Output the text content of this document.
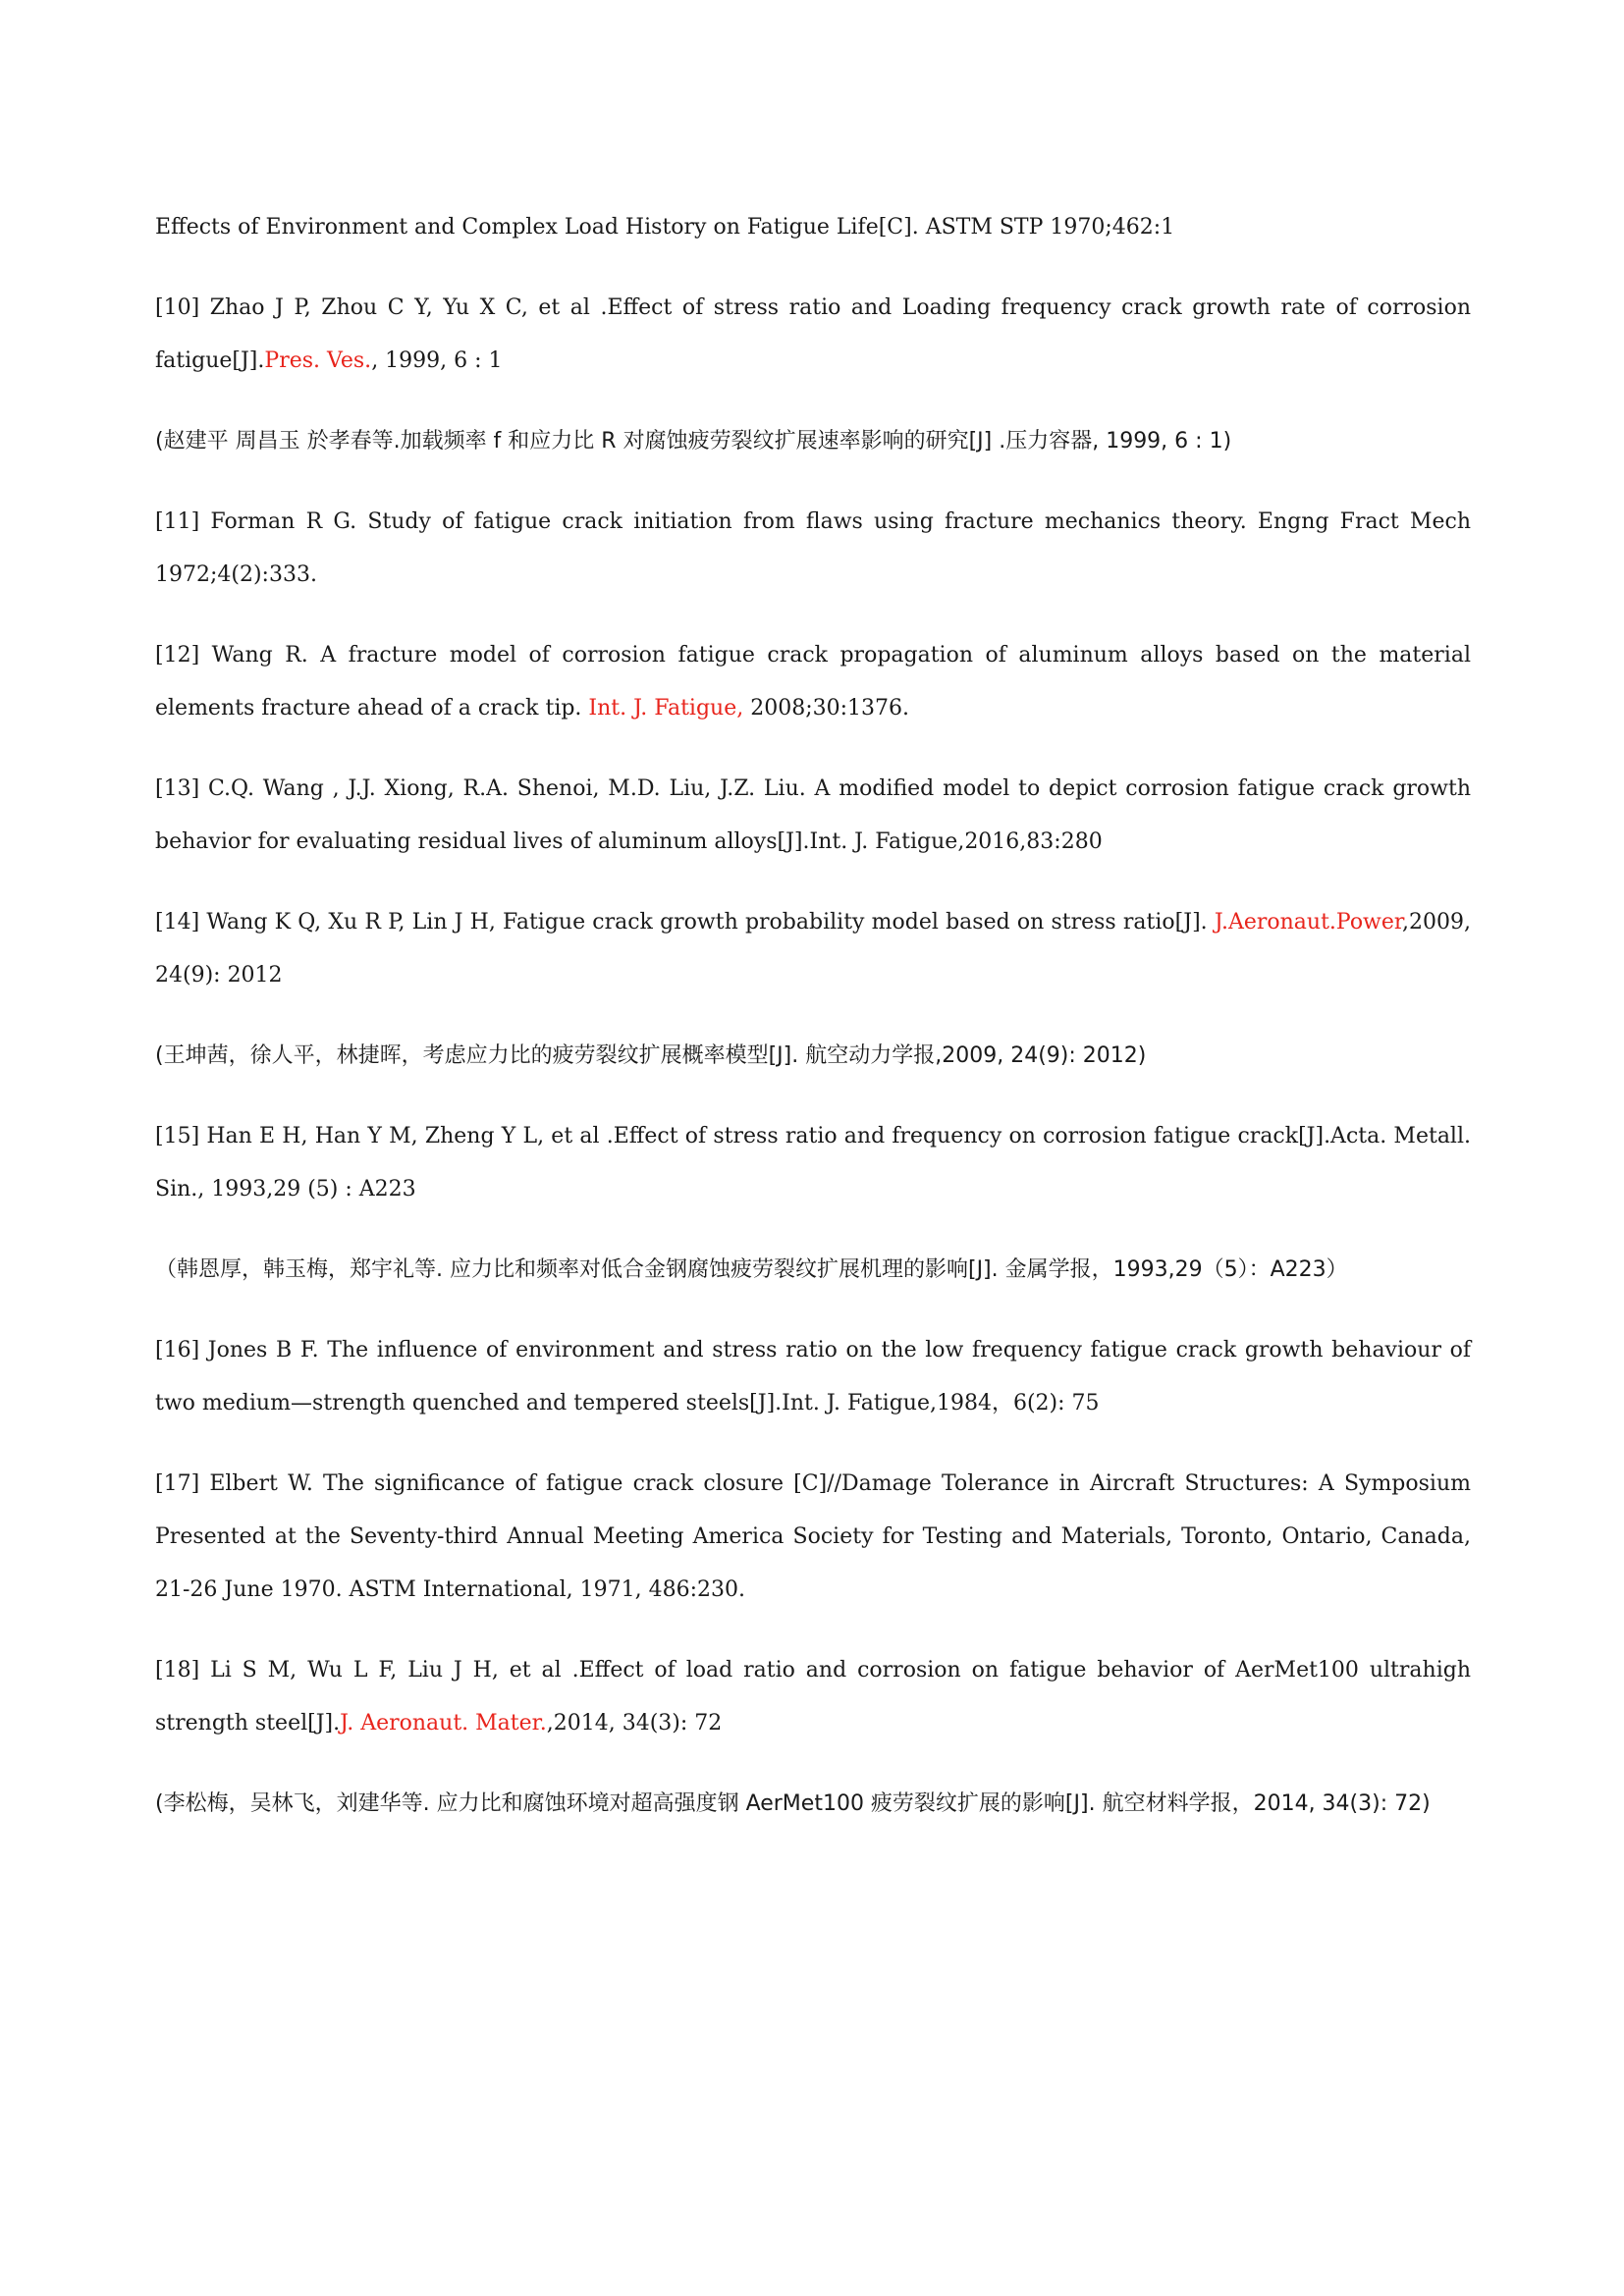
Effects of Environment and Complex Load History on Fatigue Life[C]. ASTM STP 1970;462:1

[10] Zhao J P, Zhou C Y, Yu X C, et al .Effect of stress ratio and Loading frequency crack growth rate of corrosion fatigue[J].Pres. Ves., 1999, 6 : 1

(赵建平 周昌玉 於孝春等.加载频率 f 和应力比 R 对腐蚀疲劳裂纹扩展速率影响的研究[J] .压力容器, 1999, 6 : 1)

[11] Forman R G. Study of fatigue crack initiation from flaws using fracture mechanics theory. Engng Fract Mech 1972;4(2):333.

[12] Wang R. A fracture model of corrosion fatigue crack propagation of aluminum alloys based on the material elements fracture ahead of a crack tip. Int. J. Fatigue, 2008;30:1376.

[13] C.Q. Wang , J.J. Xiong, R.A. Shenoi, M.D. Liu, J.Z. Liu. A modified model to depict corrosion fatigue crack growth behavior for evaluating residual lives of aluminum alloys[J].Int. J. Fatigue,2016,83:280

[14] Wang K Q, Xu R P, Lin J H, Fatigue crack growth probability model based on stress ratio[J]. J.Aeronaut.Power,2009, 24(9): 2012

(王坤茜，徐人平，林捷晖，考虑应力比的疲劳裂纹扩展概率模型[J]. 航空动力学报,2009, 24(9): 2012)

[15] Han E H, Han Y M, Zheng Y L, et al .Effect of stress ratio and frequency on corrosion fatigue crack[J].Acta. Metall. Sin., 1993,29 (5) : A223

（韩恩厚，韩玉梅，郑宇礼等. 应力比和频率对低合金钢腐蚀疲劳裂纹扩展机理的影响[J]. 金属学报，1993,29（5）：A223）

[16] Jones B F. The influence of environment and stress ratio on the low frequency fatigue crack growth behaviour of two medium—strength quenched and tempered steels[J].Int. J. Fatigue,1984，6(2): 75

[17] Elbert W. The significance of fatigue crack closure [C]//Damage Tolerance in Aircraft Structures: A Symposium Presented at the Seventy-third Annual Meeting America Society for Testing and Materials, Toronto, Ontario, Canada, 21-26 June 1970. ASTM International, 1971, 486:230.

[18] Li S M, Wu L F, Liu J H, et al .Effect of load ratio and corrosion on fatigue behavior of AerMet100 ultrahigh strength steel[J].J. Aeronaut. Mater.,2014, 34(3): 72

(李松梅，吴林飞，刘建华等. 应力比和腐蚀环境对超高强度钢 AerMet100 疲劳裂纹扩展的影响[J]. 航空材料学报，2014, 34(3): 72)
